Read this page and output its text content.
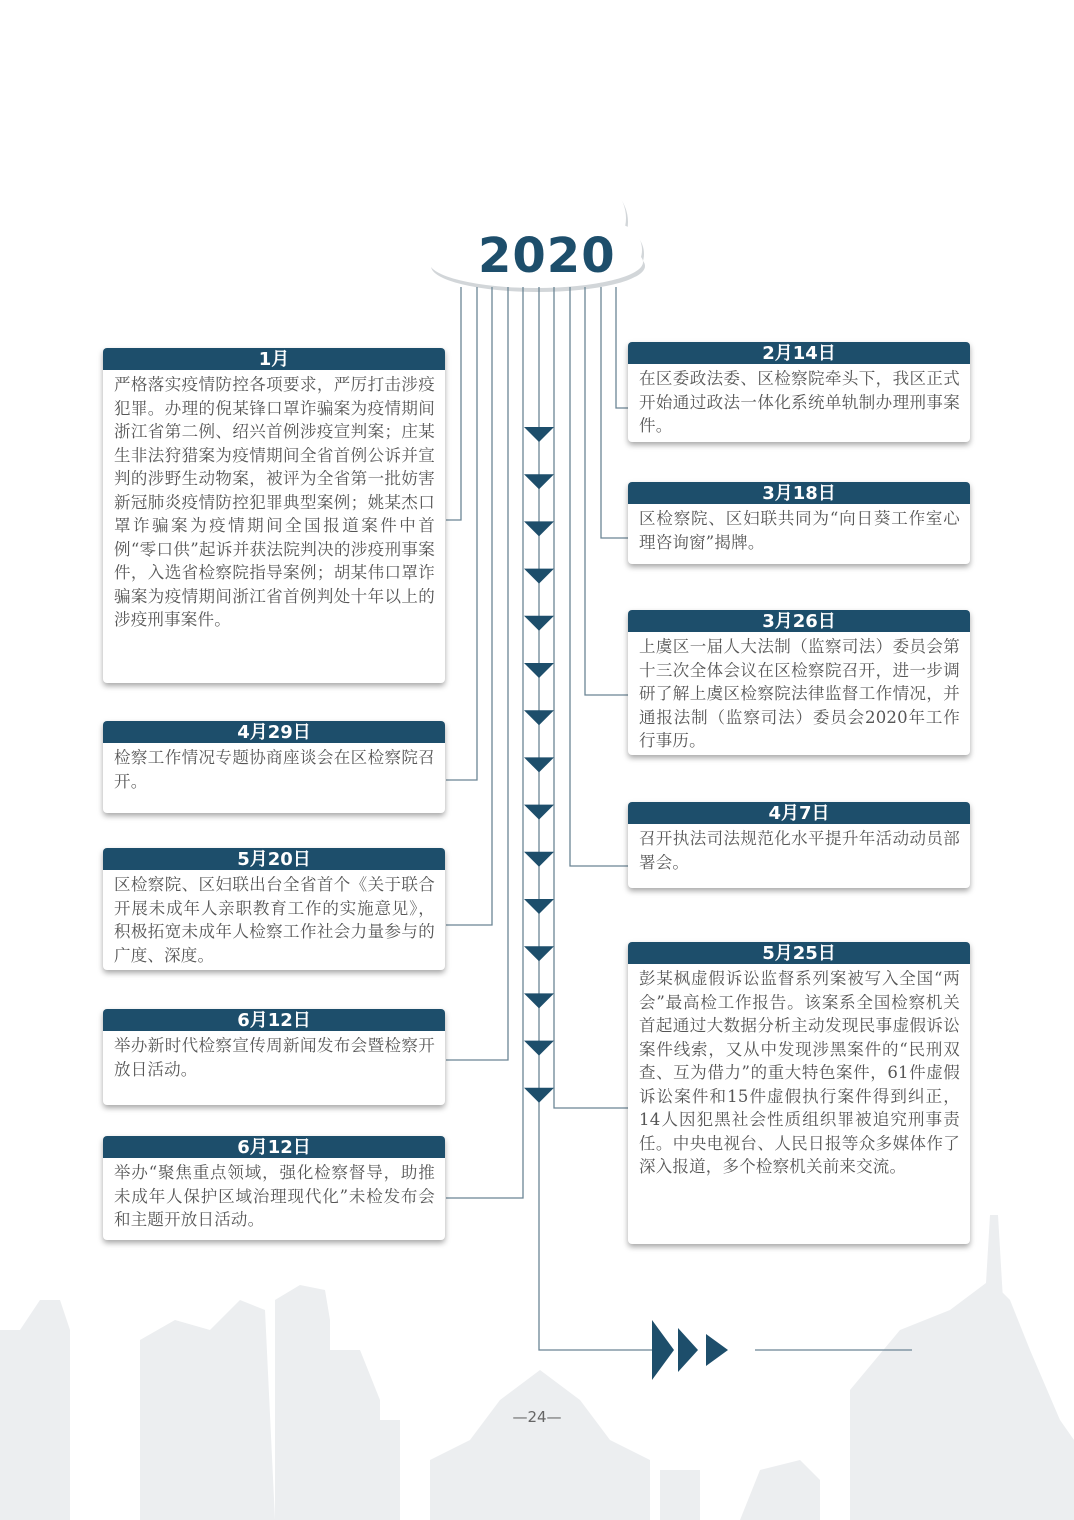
2020
1月
严格落实疫情防控各项要求，严厉打击涉疫犯罪。办理的倪某锋口罩诈骗案为疫情期间浙江省第二例、绍兴首例涉疫宣判案；庄某生非法狩猎案为疫情期间全省首例公诉并宣判的涉野生动物案，被评为全省第一批妨害新冠肺炎疫情防控犯罪典型案例；姚某杰口罩诈骗案为疫情期间全国报道案件中首例“零口供”起诉并获法院判决的涉疫刑事案件，入选省检察院指导案例；胡某伟口罩诈骗案为疫情期间浙江省首例判处十年以上的涉疫刑事案件。
4月29日
检察工作情况专题协商座谈会在区检察院召开。
5月20日
区检察院、区妇联出台全省首个《关于联合开展未成年人亲职教育工作的实施意见》，积极拓宽未成年人检察工作社会力量参与的广度、深度。
6月12日
举办新时代检察宣传周新闻发布会暨检察开放日活动。
6月12日
举办“聚焦重点领域，强化检察督导，助推未成年人保护区域治理现代化”未检发布会和主题开放日活动。
2月14日
在区委政法委、区检察院牵头下，我区正式开始通过政法一体化系统单轨制办理刑事案件。
3月18日
区检察院、区妇联共同为“向日葵工作室心理咨询窗”揭牌。
3月26日
上虞区一届人大法制（监察司法）委员会第十三次全体会议在区检察院召开，进一步调研了解上虞区检察院法律监督工作情况，并通报法制（监察司法）委员会2020年工作行事历。
4月7日
召开执法司法规范化水平提升年活动动员部署会。
5月25日
彭某枫虚假诉讼监督系列案被写入全国“两会”最高检工作报告。该案系全国检察机关首起通过大数据分析主动发现民事虚假诉讼案件线索，又从中发现涉黑案件的“民刑双查、互为借力”的重大特色案件，61件虚假诉讼案件和15件虚假执行案件得到纠正，14人因犯黑社会性质组织罪被追究刑事责任。中央电视台、人民日报等众多媒体作了深入报道，多个检察机关前来交流。
—24—
